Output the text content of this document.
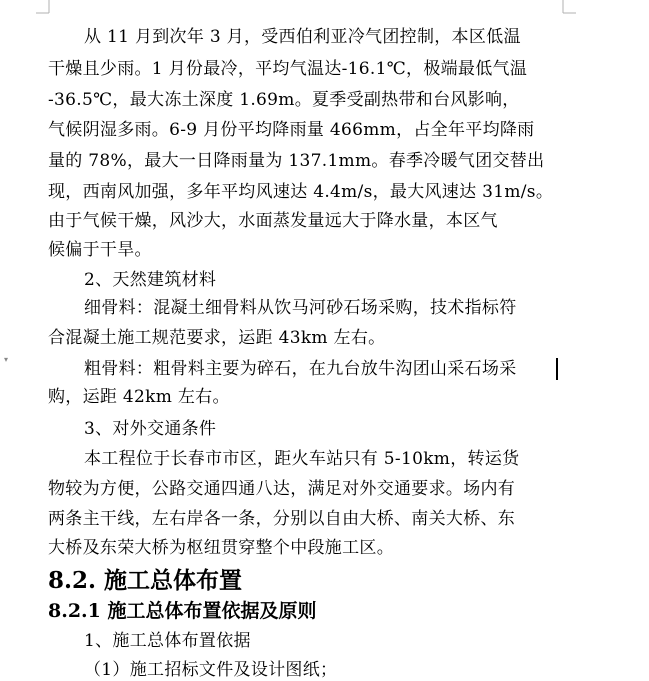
▾
从 11 月到次年 3 月，受西伯利亚冷气团控制，本区低温
干燥且少雨。1 月份最冷，平均气温达-16.1℃，极端最低气温
-36.5℃，最大冻土深度 1.69m。夏季受副热带和台风影响，
气候阴湿多雨。6-9 月份平均降雨量 466mm，占全年平均降雨
量的 78%，最大一日降雨量为 137.1mm。春季冷暖气团交替出
现，西南风加强，多年平均风速达 4.4m/s，最大风速达 31m/s。
由于气候干燥，风沙大，水面蒸发量远大于降水量，本区气
候偏于干旱。
2、天然建筑材料
细骨料：混凝土细骨料从饮马河砂石场采购，技术指标符
合混凝土施工规范要求，运距 43km 左右。
粗骨料：粗骨料主要为碎石，在九台放牛沟团山采石场采
购，运距 42km 左右。
3、对外交通条件
本工程位于长春市市区，距火车站只有 5-10km，转运货
物较为方便，公路交通四通八达，满足对外交通要求。场内有
两条主干线，左右岸各一条，分别以自由大桥、南关大桥、东
大桥及东荣大桥为枢纽贯穿整个中段施工区。
8.2. 施工总体布置
8.2.1 施工总体布置依据及原则
1、施工总体布置依据
（1）施工招标文件及设计图纸；
